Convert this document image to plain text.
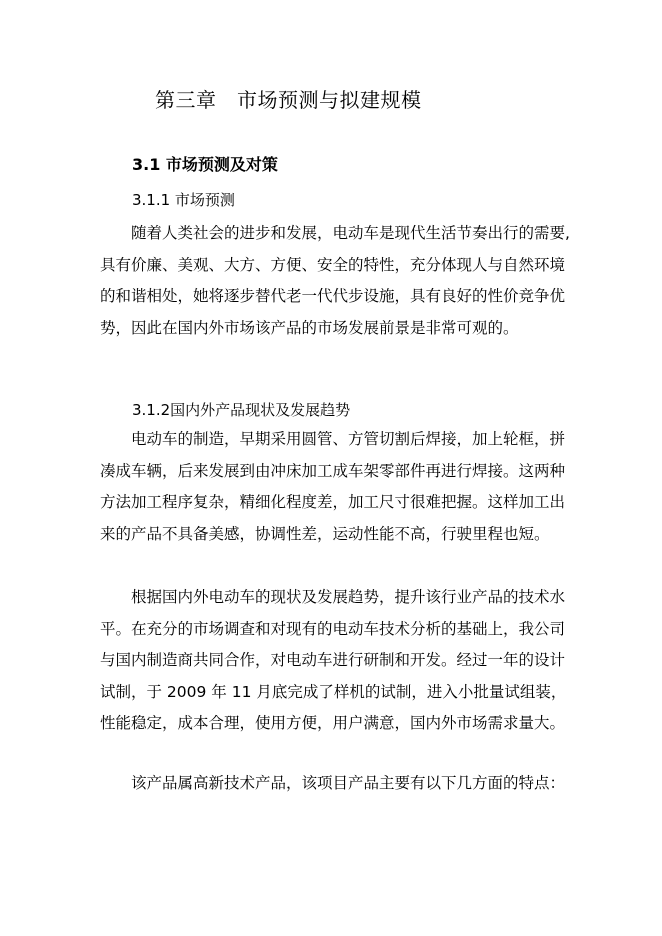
第三章　市场预测与拟建规模
3.1 市场预测及对策
3.1.1 市场预测

随着人类社会的进步和发展，电动车是现代生活节奏出行的需要,具有价廉、美观、大方、方便、安全的特性，充分体现人与自然环境的和谐相处，她将逐步替代老一代代步设施，具有良好的性价竞争优势，因此在国内外市场该产品的市场发展前景是非常可观的。

3.1.2国内外产品现状及发展趋势

电动车的制造，早期采用圆管、方管切割后焊接，加上轮框，拼凑成车辆，后来发展到由冲床加工成车架零部件再进行焊接。这两种方法加工程序复杂，精细化程度差，加工尺寸很难把握。这样加工出来的产品不具备美感，协调性差，运动性能不高，行驶里程也短。

根据国内外电动车的现状及发展趋势，提升该行业产品的技术水平。在充分的市场调查和对现有的电动车技术分析的基础上，我公司与国内制造商共同合作，对电动车进行研制和开发。经过一年的设计试制，于 2009 年 11 月底完成了样机的试制，进入小批量试组装，性能稳定，成本合理，使用方便，用户满意，国内外市场需求量大。

该产品属高新技术产品，该项目产品主要有以下几方面的特点：
